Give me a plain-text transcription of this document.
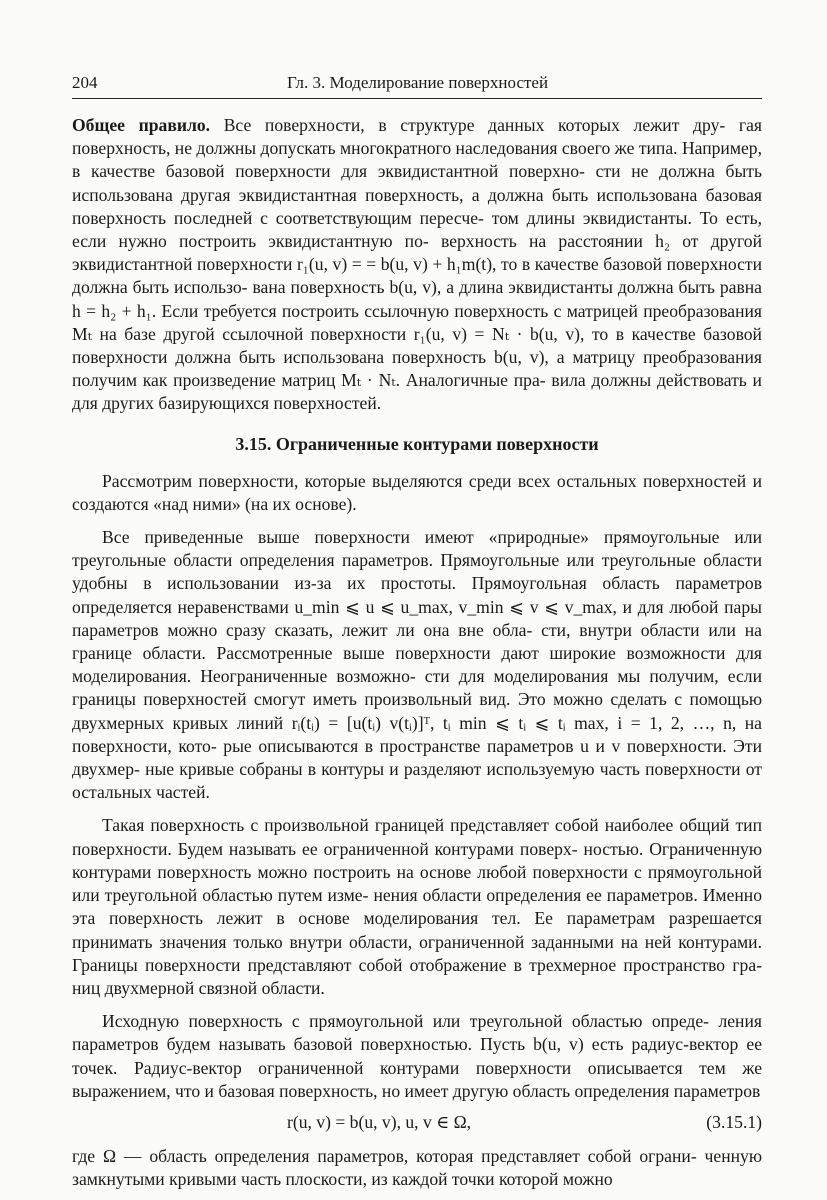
204	Гл. 3. Моделирование поверхностей

Общее правило. Все поверхности, в структуре данных которых лежит дру- гая поверхность, не должны допускать многократного наследования своего же типа. Например, в качестве базовой поверхности для эквидистантной поверхно- сти не должна быть использована другая эквидистантная поверхность, а должна быть использована базовая поверхность последней с соответствующим пересче- том длины эквидистанты. То есть, если нужно построить эквидистантную по- верхность на расстоянии h₂ от другой эквидистантной поверхности r₁(u, v) = = b(u, v) + h₁m(t), то в качестве базовой поверхности должна быть использо- вана поверхность b(u, v), а длина эквидистанты должна быть равна h = h₂ + h₁. Если требуется построить ссылочную поверхность с матрицей преобразования Mₜ на базе другой ссылочной поверхности r₁(u, v) = Nₜ · b(u, v), то в качестве базовой поверхности должна быть использована поверхность b(u, v), а матрицу преобразования получим как произведение матриц Mₜ · Nₜ. Аналогичные пра- вила должны действовать и для других базирующихся поверхностей.

3.15. Ограниченные контурами поверхности

Рассмотрим поверхности, которые выделяются среди всех остальных поверхностей и создаются «над ними» (на их основе).

Все приведенные выше поверхности имеют «природные» прямоугольные или треугольные области определения параметров. Прямоугольные или треугольные области удобны в использовании из-за их простоты. Прямоугольная область параметров определяется неравенствами u_min ⩽ u ⩽ u_max, v_min ⩽ v ⩽ v_max, и для любой пары параметров можно сразу сказать, лежит ли она вне обла- сти, внутри области или на границе области. Рассмотренные выше поверхности дают широкие возможности для моделирования. Неограниченные возможно- сти для моделирования мы получим, если границы поверхностей смогут иметь произвольный вид. Это можно сделать с помощью двухмерных кривых линий rᵢ(tᵢ) = [u(tᵢ) v(tᵢ)]ᵀ, tᵢ min ⩽ tᵢ ⩽ tᵢ max, i = 1, 2, …, n, на поверхности, кото- рые описываются в пространстве параметров u и v поверхности. Эти двухмер- ные кривые собраны в контуры и разделяют используемую часть поверхности от остальных частей.

Такая поверхность с произвольной границей представляет собой наиболее общий тип поверхности. Будем называть ее ограниченной контурами поверх- ностью. Ограниченную контурами поверхность можно построить на основе любой поверхности с прямоугольной или треугольной областью путем изме- нения области определения ее параметров. Именно эта поверхность лежит в основе моделирования тел. Ее параметрам разрешается принимать значения только внутри области, ограниченной заданными на ней контурами. Границы поверхности представляют собой отображение в трехмерное пространство гра- ниц двухмерной связной области.

Исходную поверхность с прямоугольной или треугольной областью опреде- ления параметров будем называть базовой поверхностью. Пусть b(u, v) есть радиус-вектор ее точек. Радиус-вектор ограниченной контурами поверхности описывается тем же выражением, что и базовая поверхность, но имеет другую область определения параметров

r(u, v) = b(u, v), u, v ∈ Ω,	(3.15.1)

где Ω — область определения параметров, которая представляет собой ограни- ченную замкнутыми кривыми часть плоскости, из каждой точки которой можно
